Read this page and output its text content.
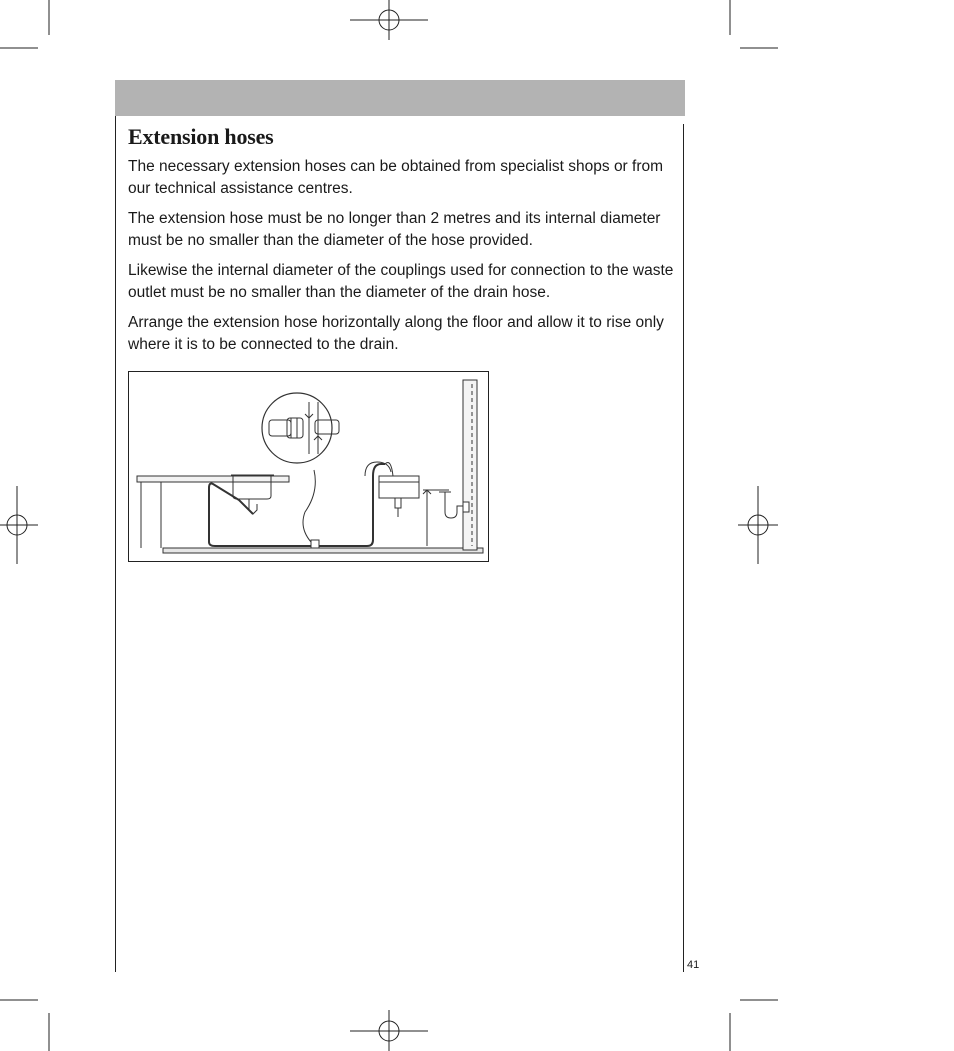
Extension hoses

The necessary extension hoses can be obtained from specialist shops or from our technical assistance centres.

The extension hose must be no longer than 2 metres and its internal diameter must be no smaller than the diameter of the hose provided.

Likewise the internal diameter of the couplings used for connection to the waste outlet must be no smaller than the diameter of the drain hose.

Arrange the extension hose horizontally along the floor and allow it to rise only where it is to be connected to the drain.

41
